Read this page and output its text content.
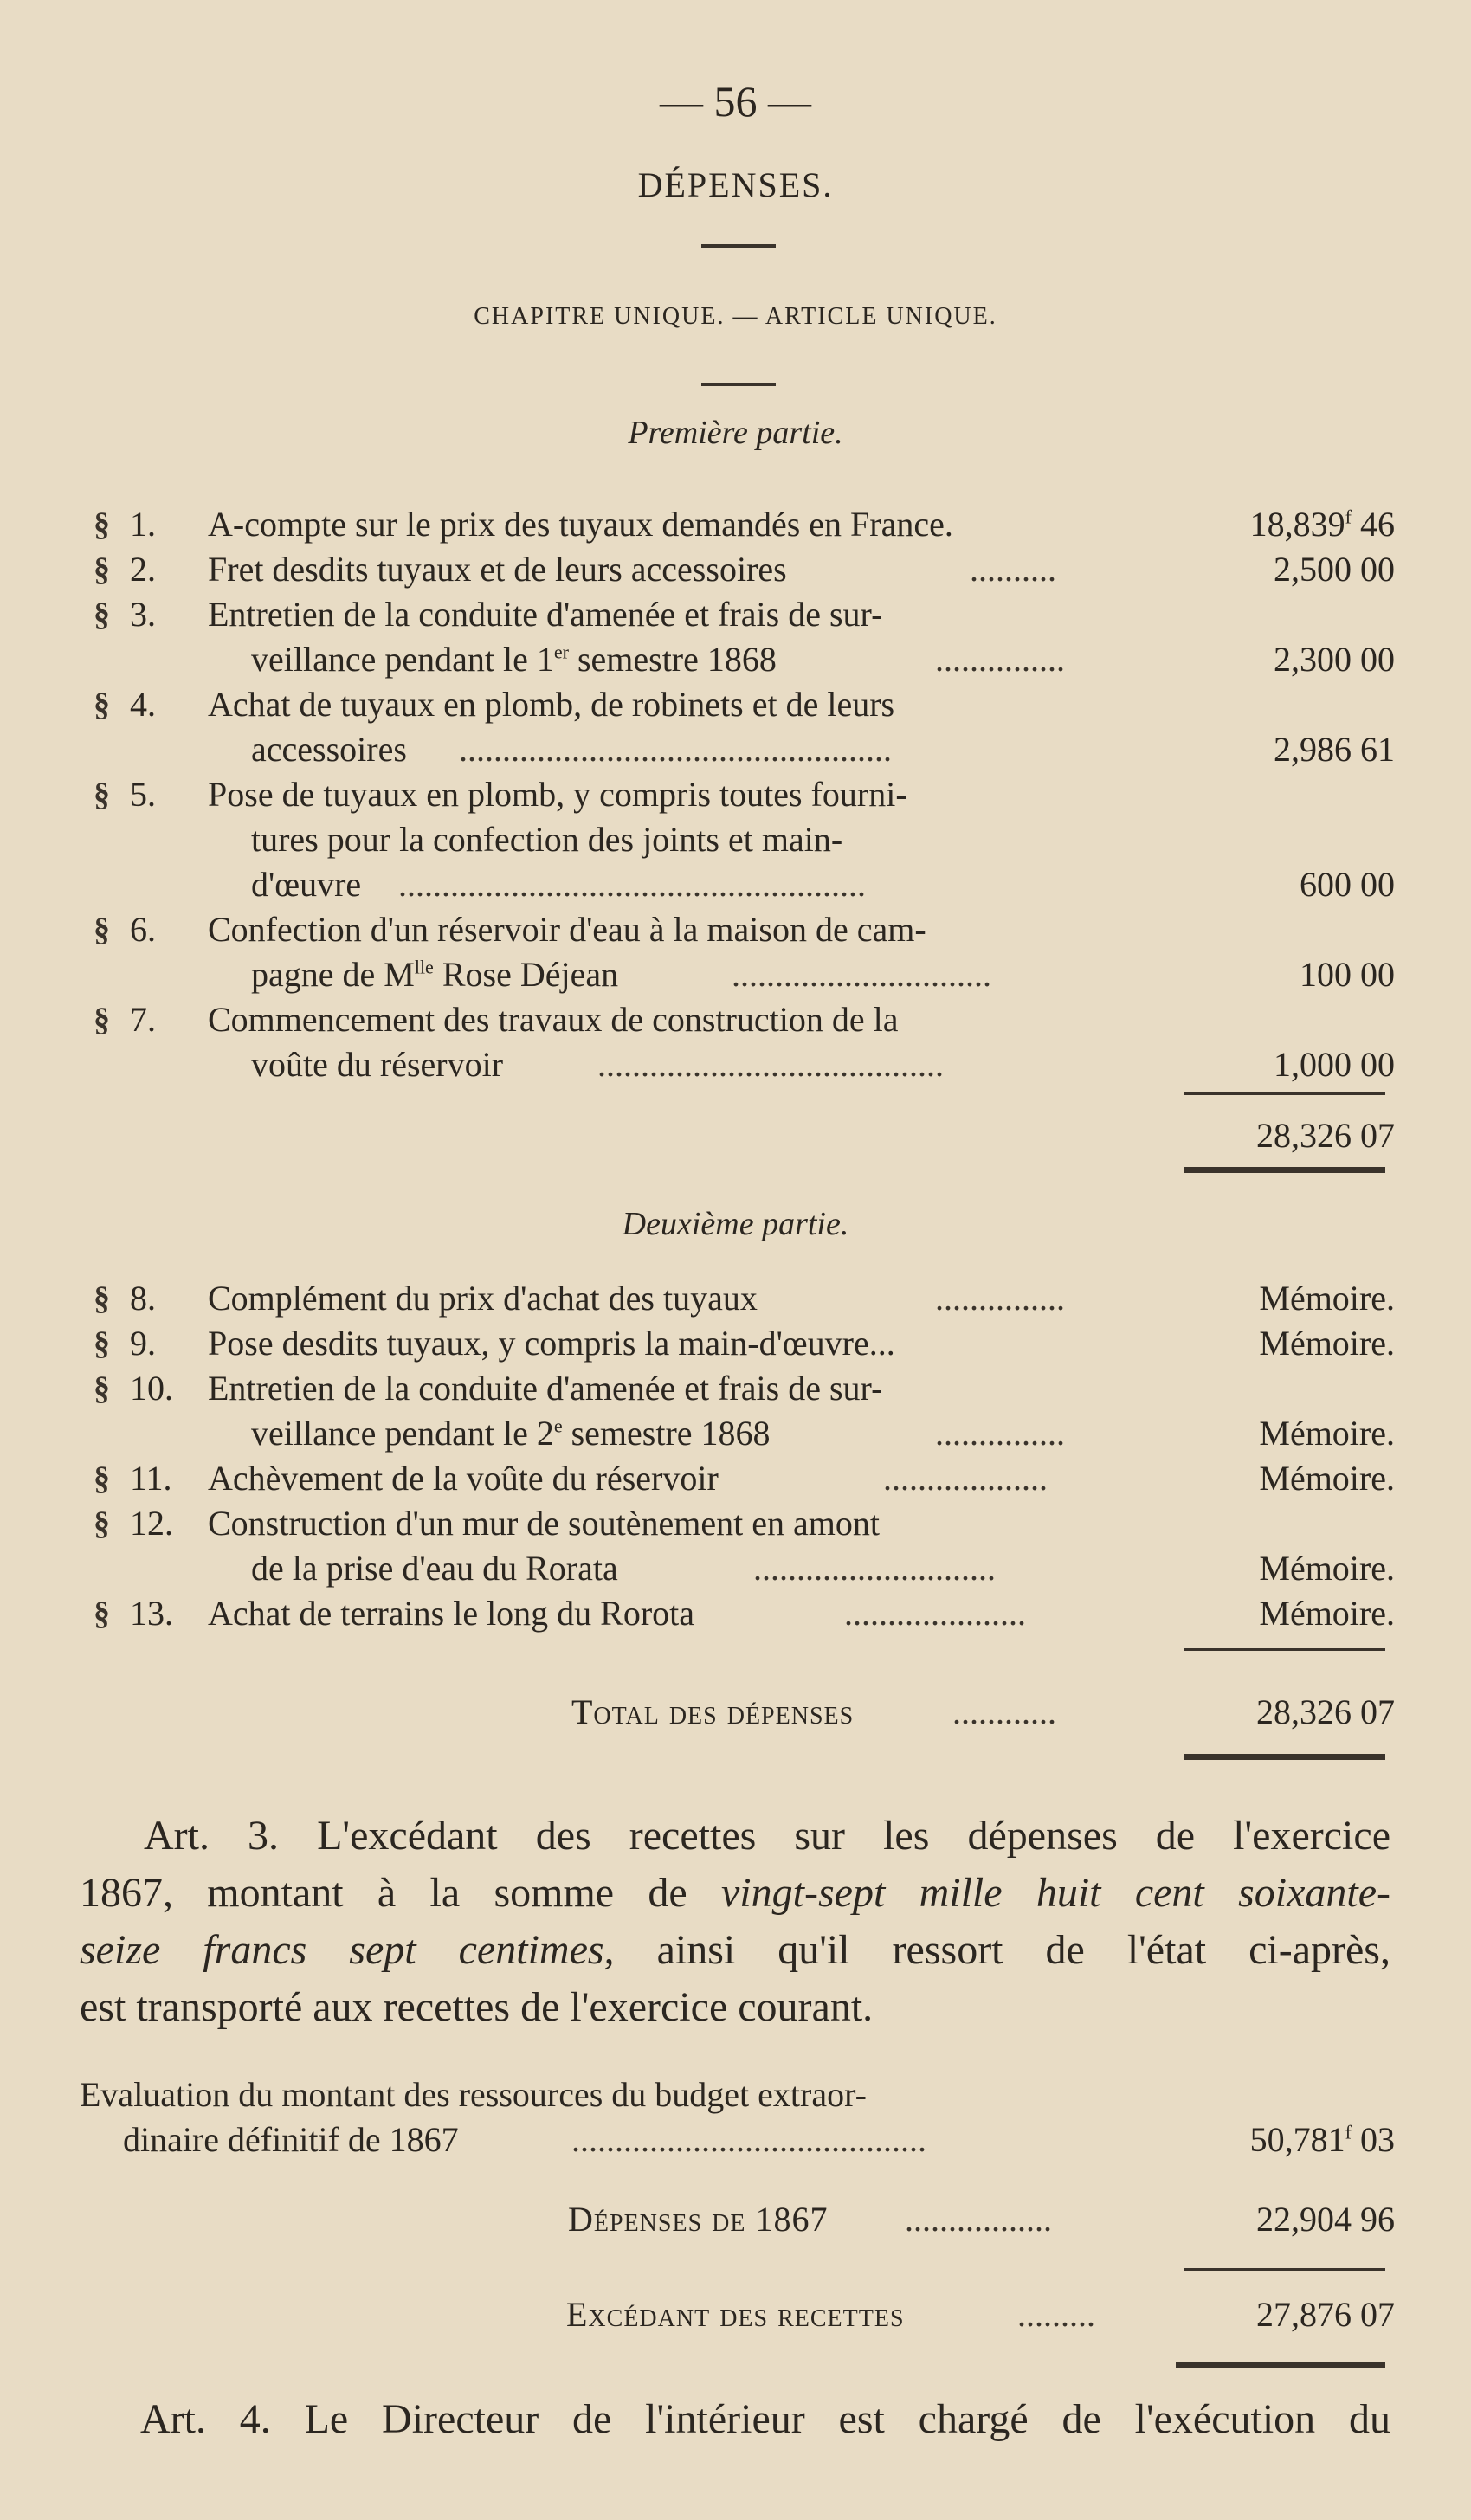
— 56 —
DÉPENSES.
CHAPITRE UNIQUE. — ARTICLE UNIQUE.
Première partie.
§ 1.	A-compte sur le prix des tuyaux demandés en France.	18,839$^f$ 46
§ 2.	Fret desdits tuyaux et de leurs accessoires	..........	2,500 00
§ 3.	Entretien de la conduite d'amenée et frais de sur-
veillance pendant le 1er semestre 1868	...............	2,300 00
§ 4.	Achat de tuyaux en plomb, de robinets et de leurs
accessoires ..................................................	2,986 61
§ 5.	Pose de tuyaux en plomb, y compris toutes fourni-
tures pour la confection des joints et main-
d'œuvre ......................................................	600 00
§ 6.	Confection d'un réservoir d'eau à la maison de cam-
pagne de $M^{lle}$ Rose Déjean	..............................	100 00
§ 7.	Commencement des travaux de construction de la
voûte du réservoir	........................................	1,000 00
28,326 07
Deuxième partie.
§ 8.	Complément du prix d'achat des tuyaux	...............	Mémoire.
§ 9.	Pose desdits tuyaux, y compris la main-d'œuvre...	Mémoire.
§ 10.	Entretien de la conduite d'amenée et frais de sur-
veillance pendant le 2e semestre 1868	...............	Mémoire.
§ 11.	Achèvement de la voûte du réservoir	...................	Mémoire.
§ 12.	Construction d'un mur de soutènement en amont
de la prise d'eau du Rorata	............................	Mémoire.
§ 13.	Achat de terrains le long du Rorota	.....................	Mémoire.
Total des dépenses	............	28,326 07
Art. 3. L'excédant des recettes sur les dépenses de l'exercice
1867, montant à la somme de vingt-sept mille huit cent soixante-
seize francs sept centimes, ainsi qu'il ressort de l'état ci-après,
est transporté aux recettes de l'exercice courant.
Evaluation du montant des ressources du budget extraor-
dinaire définitif de 1867	.........................................	50,781$^f$ 03
Dépenses de 1867 .................	22,904 96
Excédant des recettes	.........	27,876 07
Art. 4. Le Directeur de l'intérieur est chargé de l'exécution du
